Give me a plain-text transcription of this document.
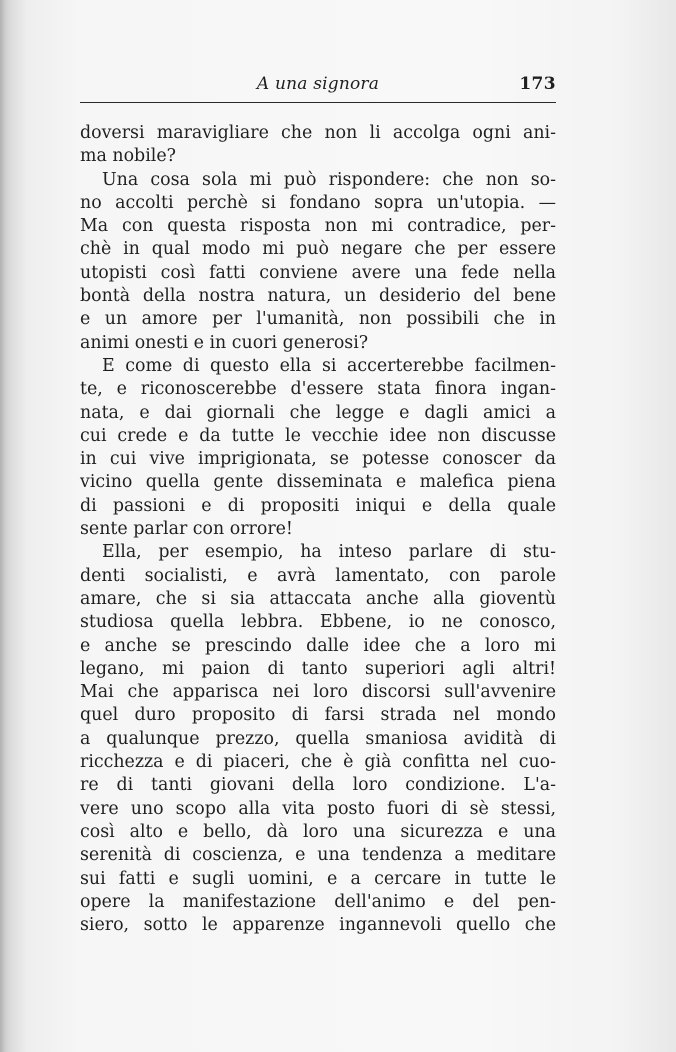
A una signora	173
doversi maravigliare che non li accolga ogni ani-
ma nobile?
Una cosa sola mi può rispondere: che non so-
no accolti perchè si fondano sopra un'utopia. —
Ma con questa risposta non mi contradice, per-
chè in qual modo mi può negare che per essere
utopisti così fatti conviene avere una fede nella
bontà della nostra natura, un desiderio del bene
e un amore per l'umanità, non possibili che in
animi onesti e in cuori generosi?
E come di questo ella si accerterebbe facilmen-
te, e riconoscerebbe d'essere stata finora ingan-
nata, e dai giornali che legge e dagli amici a
cui crede e da tutte le vecchie idee non discusse
in cui vive imprigionata, se potesse conoscer da
vicino quella gente disseminata e malefica piena
di passioni e di propositi iniqui e della quale
sente parlar con orrore!
Ella, per esempio, ha inteso parlare di stu-
denti socialisti, e avrà lamentato, con parole
amare, che si sia attaccata anche alla gioventù
studiosa quella lebbra. Ebbene, io ne conosco,
e anche se prescindo dalle idee che a loro mi
legano, mi paion di tanto superiori agli altri!
Mai che apparisca nei loro discorsi sull'avvenire
quel duro proposito di farsi strada nel mondo
a qualunque prezzo, quella smaniosa avidità di
ricchezza e di piaceri, che è già confitta nel cuo-
re di tanti giovani della loro condizione. L'a-
vere uno scopo alla vita posto fuori di sè stessi,
così alto e bello, dà loro una sicurezza e una
serenità di coscienza, e una tendenza a meditare
sui fatti e sugli uomini, e a cercare in tutte le
opere la manifestazione dell'animo e del pen-
siero, sotto le apparenze ingannevoli quello che
